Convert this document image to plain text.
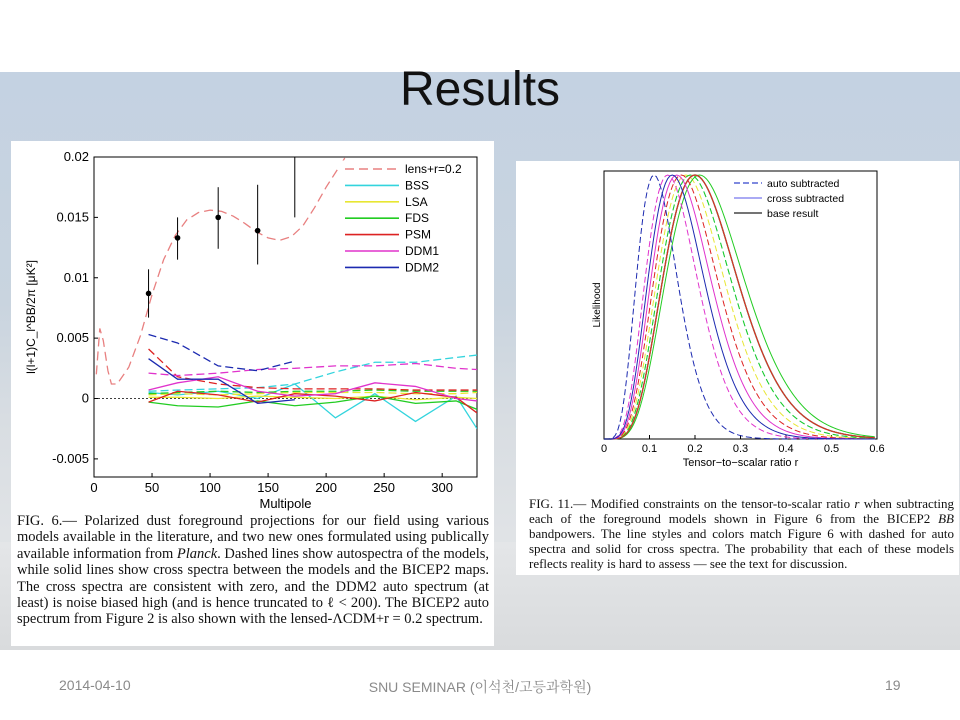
Results
0	50	100	150	200	250	300
-0.005
0
0.005
0.01
0.015
0.02
Multipole
l(l+1)C_l^BB/2π [μK²]
lens+r=0.2
BSS
LSA
FDS
PSM
DDM1
DDM2
FIG. 6.— Polarized dust foreground projections for our field using various models available in the literature, and two new ones formulated using publically available information from Planck. Dashed lines show autospectra of the models, while solid lines show cross spectra between the models and the BICEP2 maps. The cross spectra are consistent with zero, and the DDM2 auto spectrum (at least) is noise biased high (and is hence truncated to ℓ < 200). The BICEP2 auto spectrum from Figure 2 is also shown with the lensed-ΛCDM+r = 0.2 spectrum.
0	0.1	0.2	0.3	0.4	0.5	0.6
Tensor−to−scalar ratio r
Likelihood
auto subtracted
cross subtracted
base result
FIG. 11.— Modified constraints on the tensor-to-scalar ratio r when subtracting each of the foreground models shown in Figure 6 from the BICEP2 BB bandpowers. The line styles and colors match Figure 6 with dashed for auto spectra and solid for cross spectra. The probability that each of these models reflects reality is hard to assess — see the text for discussion.
2014-04-10	SNU SEMINAR (이석천/고등과학원)	19
